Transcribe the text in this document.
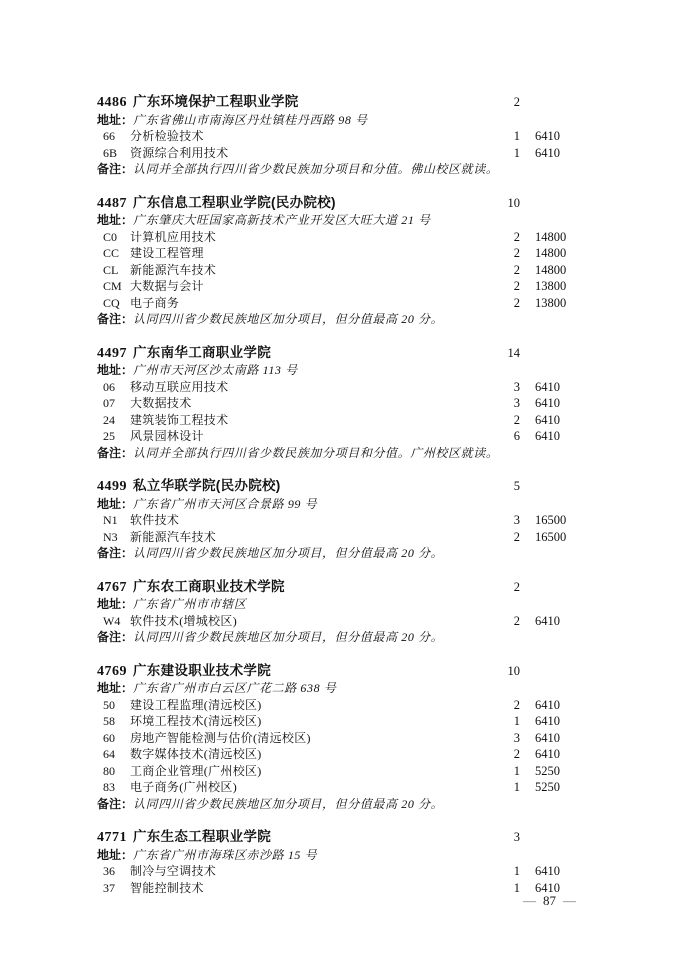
4486 广东环境保护工程职业学院	2
地址：广东省佛山市南海区丹灶镇桂丹西路 98 号
66 分析检验技术	1 6410
6B 资源综合利用技术	1 6410
备注：认同并全部执行四川省少数民族加分项目和分值。佛山校区就读。
4487 广东信息工程职业学院(民办院校)	10
地址：广东肇庆大旺国家高新技术产业开发区大旺大道 21 号
C0 计算机应用技术	2 14800
CC 建设工程管理	2 14800
CL 新能源汽车技术	2 14800
CM 大数据与会计	2 13800
CQ 电子商务	2 13800
备注：认同四川省少数民族地区加分项目，但分值最高 20 分。
4497 广东南华工商职业学院	14
地址：广州市天河区沙太南路 113 号
06 移动互联应用技术	3 6410
07 大数据技术	3 6410
24 建筑装饰工程技术	2 6410
25 风景园林设计	6 6410
备注：认同并全部执行四川省少数民族加分项目和分值。广州校区就读。
4499 私立华联学院(民办院校)	5
地址：广东省广州市天河区合景路 99 号
N1 软件技术	3 16500
N3 新能源汽车技术	2 16500
备注：认同四川省少数民族地区加分项目，但分值最高 20 分。
4767 广东农工商职业技术学院	2
地址：广东省广州市市辖区
W4 软件技术(增城校区)	2 6410
备注：认同四川省少数民族地区加分项目，但分值最高 20 分。
4769 广东建设职业技术学院	10
地址：广东省广州市白云区广花二路 638 号
50 建设工程监理(清远校区)	2 6410
58 环境工程技术(清远校区)	1 6410
60 房地产智能检测与估价(清远校区)	3 6410
64 数字媒体技术(清远校区)	2 6410
80 工商企业管理(广州校区)	1 5250
83 电子商务(广州校区)	1 5250
备注：认同四川省少数民族地区加分项目，但分值最高 20 分。
4771 广东生态工程职业学院	3
地址：广东省广州市海珠区赤沙路 15 号
36 制冷与空调技术	1 6410
37 智能控制技术	1 6410
— 87 —
